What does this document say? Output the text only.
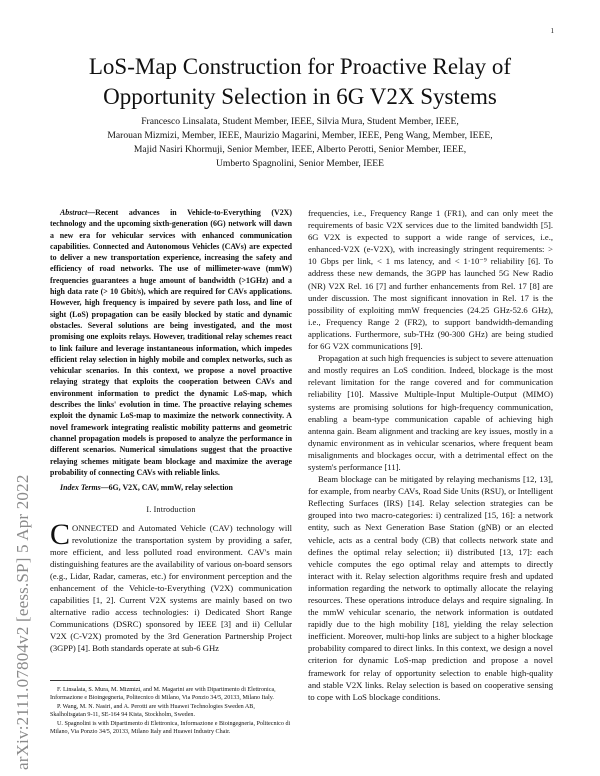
1
arXiv:2111.07804v2 [eess.SP] 5 Apr 2022
LoS-Map Construction for Proactive Relay of Opportunity Selection in 6G V2X Systems
Francesco Linsalata, Student Member, IEEE, Silvia Mura, Student Member, IEEE,
Marouan Mizmizi, Member, IEEE, Maurizio Magarini, Member, IEEE, Peng Wang, Member, IEEE,
Majid Nasiri Khormuji, Senior Member, IEEE, Alberto Perotti, Senior Member, IEEE,
Umberto Spagnolini, Senior Member, IEEE

Abstract—Recent advances in Vehicle-to-Everything (V2X) technology and the upcoming sixth-generation (6G) network will dawn a new era for vehicular services with enhanced communication capabilities. Connected and Autonomous Vehicles (CAVs) are expected to deliver a new transportation experience, increasing the safety and efficiency of road networks. The use of millimeter-wave (mmW) frequencies guarantees a huge amount of bandwidth (>1GHz) and a high data rate (> 10 Gbit/s), which are required for CAVs applications. However, high frequency is impaired by severe path loss, and line of sight (LoS) propagation can be easily blocked by static and dynamic obstacles. Several solutions are being investigated, and the most promising one exploits relays. However, traditional relay schemes react to link failure and leverage instantaneous information, which impedes efficient relay selection in highly mobile and complex networks, such as vehicular scenarios. In this context, we propose a novel proactive relaying strategy that exploits the cooperation between CAVs and environment information to predict the dynamic LoS-map, which describes the links' evolution in time. The proactive relaying schemes exploit the dynamic LoS-map to maximize the network connectivity. A novel framework integrating realistic mobility patterns and geometric channel propagation models is proposed to analyze the performance in different scenarios. Numerical simulations suggest that the proactive relaying schemes mitigate beam blockage and maximize the average probability of connecting CAVs with reliable links.

Index Terms—6G, V2X, CAV, mmW, relay selection

I. Introduction

CONNECTED and Automated Vehicle (CAV) technology will revolutionize the transportation system by providing a safer, more efficient, and less polluted road environment. CAV's main distinguishing features are the availability of various on-board sensors (e.g., Lidar, Radar, cameras, etc.) for environment perception and the enhancement of the Vehicle-to-Everything (V2X) communication capabilities [1, 2]. Current V2X systems are mainly based on two alternative radio access technologies: i) Dedicated Short Range Communications (DSRC) sponsored by IEEE [3] and ii) Cellular V2X (C-V2X) promoted by the 3rd Generation Partnership Project (3GPP) [4]. Both standards operate at sub-6 GHz

frequencies, i.e., Frequency Range 1 (FR1), and can only meet the requirements of basic V2X services due to the limited bandwidth [5]. 6G V2X is expected to support a wide range of services, i.e., enhanced-V2X (e-V2X), with increasingly stringent requirements: > 10 Gbps per link, < 1 ms latency, and < 1·10⁻⁹ reliability [6]. To address these new demands, the 3GPP has launched 5G New Radio (NR) V2X Rel. 16 [7] and further enhancements from Rel. 17 [8] are under discussion. The most significant innovation in Rel. 17 is the possibility of exploiting mmW frequencies (24.25 GHz-52.6 GHz), i.e., Frequency Range 2 (FR2), to support bandwidth-demanding applications. Furthermore, sub-THz (90-300 GHz) are being studied for 6G V2X communications [9].

Propagation at such high frequencies is subject to severe attenuation and mostly requires an LoS condition. Indeed, blockage is the most relevant limitation for the range covered and for communication reliability [10]. Massive Multiple-Input Multiple-Output (MIMO) systems are promising solutions for high-frequency communication, enabling a beam-type communication capable of achieving high antenna gain. Beam alignment and tracking are key issues, mostly in a dynamic environment as in vehicular scenarios, where frequent beam misalignments and blockages occur, with a detrimental effect on the system's performance [11].

Beam blockage can be mitigated by relaying mechanisms [12, 13], for example, from nearby CAVs, Road Side Units (RSU), or Intelligent Reflecting Surfaces (IRS) [14]. Relay selection strategies can be grouped into two macro-categories: i) centralized [15, 16]: a network entity, such as Next Generation Base Station (gNB) or an elected vehicle, acts as a central body (CB) that collects network state and defines the optimal relay selection; ii) distributed [13, 17]: each vehicle computes the ego optimal relay and attempts to directly interact with it. Relay selection algorithms require fresh and updated information regarding the network to optimally allocate the relaying resources. These operations introduce delays and require signaling. In the mmW vehicular scenario, the network information is outdated rapidly due to the high mobility [18], yielding the relay selection inefficient. Moreover, multi-hop links are subject to a higher blockage probability compared to direct links. In this context, we design a novel criterion for dynamic LoS-map prediction and propose a novel framework for relay of opportunity selection to enable high-quality and stable V2X links. Relay selection is based on cooperative sensing to cope with LoS blockage conditions.

F. Linsalata, S. Mura, M. Mizmizi, and M. Magarini are with Dipartimento di Elettronica, Informazione e Bioingegneria, Politecnico di Milano, Via Ponzio 34/5, 20133, Milano Italy.

P. Wang, M. N. Nasiri, and A. Perotti are with Huawei Technologies Sweden AB, Skalholtsgatan 9-11, SE-164 94 Kista, Stockholm, Sweden.

U. Spagnolini is with Dipartimento di Elettronica, Informazione e Bioingegneria, Politecnico di Milano, Via Ponzio 34/5, 20133, Milano Italy and Huawei Industry Chair.
